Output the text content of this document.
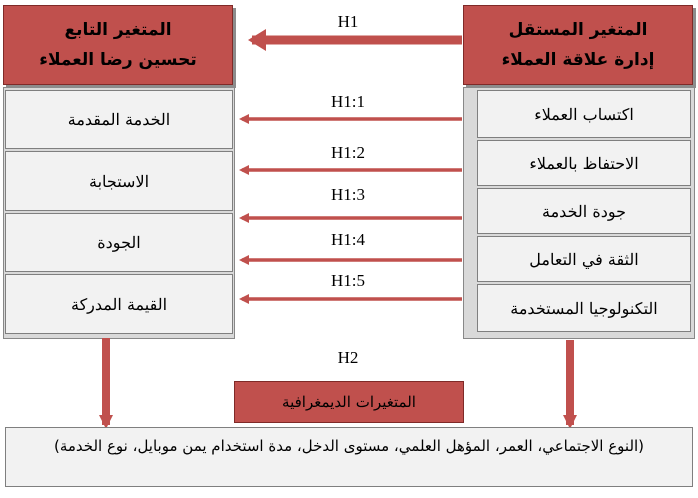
المتغير التابع
تحسين رضا العملاء
المتغير المستقل
إدارة علاقة العملاء
الخدمة المقدمة
الاستجابة
الجودة
القيمة المدركة
اكتساب العملاء
الاحتفاظ بالعملاء
جودة الخدمة
الثقة في التعامل
التكنولوجيا المستخدمة
H1
H1:1
H1:2
H1:3
H1:4
H1:5
H2
المتغيرات الديمغرافية
(النوع الاجتماعي، العمر، المؤهل العلمي، مستوى الدخل، مدة استخدام يمن موبايل، نوع الخدمة)
